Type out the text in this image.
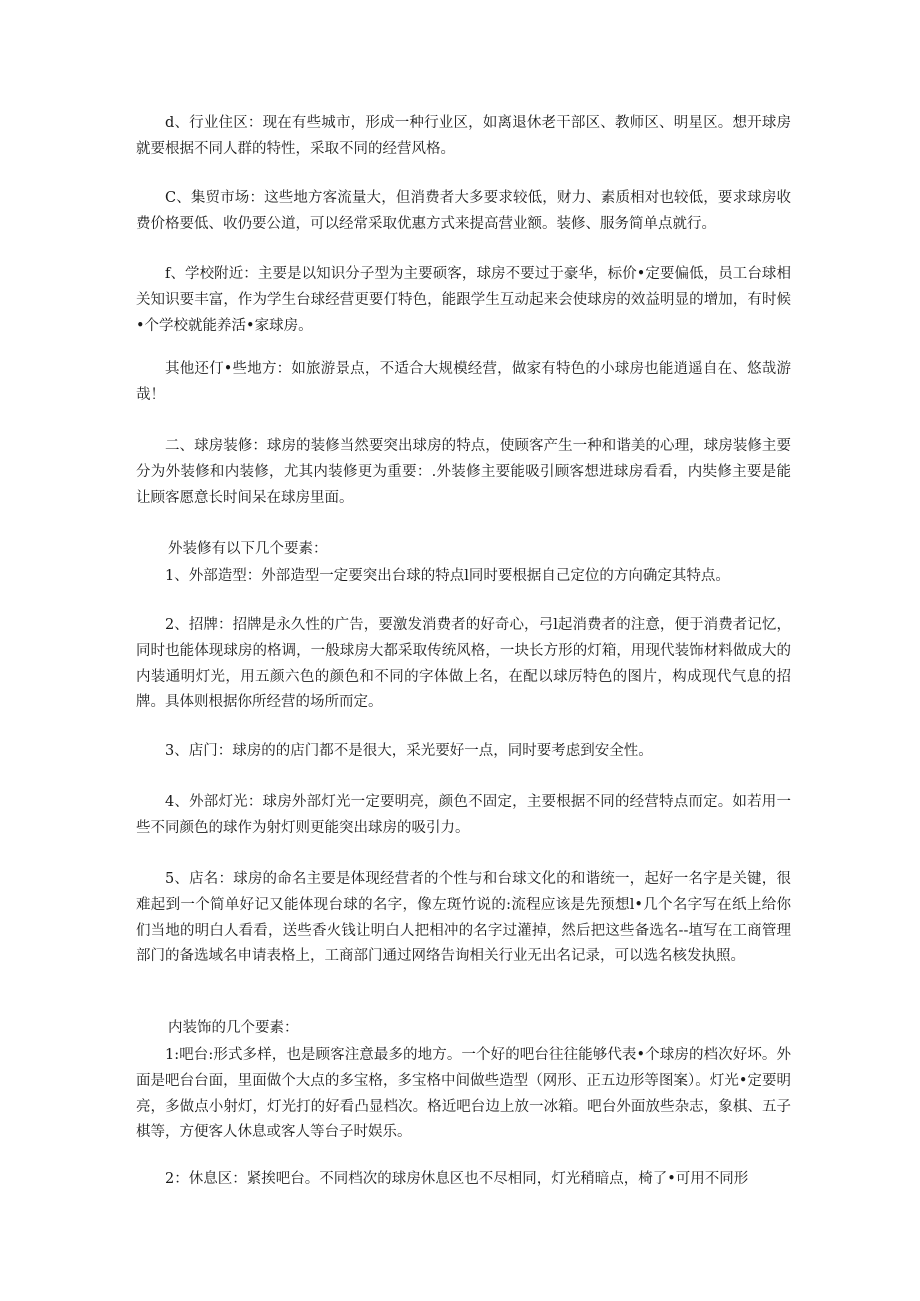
d、行业住区：现在有些城市，形成一种行业区，如离退休老干部区、教师区、明星区。想开球房就要根据不同人群的特性，采取不同的经营风格。

C、集贸市场：这些地方客流量大，但消费者大多要求较低，财力、素质相对也较低，要求球房收费价格要低、收仍要公道，可以经常采取优惠方式来提高营业额。装修、服务简单点就行。

f、学校附近：主要是以知识分子型为主要硕客，球房不要过于豪华，标价•定要偏低，员工台球相关知识要丰富，作为学生台球经营更要仃特色，能跟学生互动起来会使球房的效益明显的增加，有时候•个学校就能养活•家球房。

其他还仃•些地方：如旅游景点，不适合大规模经营，做家有特色的小球房也能逍遥自在、悠哉游哉！

二、球房装修：球房的装修当然要突出球房的特点，使顾客产生一种和谐美的心理，球房装修主要分为外装修和内装修，尤其内装修更为重要：.外装修主要能吸引顾客想进球房看看，内奘修主要是能让顾客愿意长时间呆在球房里面。

外装修有以下几个要素：

1、外部造型：外部造型一定要突出台球的特点l同时要根据自己定位的方向确定其特点。

2、招牌：招牌是永久性的广告，要激发消费者的好奇心，弓l起消费者的注意，便于消费者记忆，同时也能体现球房的格调，一般球房大都采取传统风格，一块长方形的灯箱，用现代装饰材料做成大的内装通明灯光，用五颜六色的颜色和不同的字体做上名，在配以球厉特色的图片，构成现代气息的招牌。具体则根据你所经营的场所而定。

3、店门：球房的的店门都不是很大，采光要好一点，同时要考虑到安全性。

4、外部灯光：球房外部灯光一定要明亮，颜色不固定，主要根据不同的经营特点而定。如若用一些不同颜色的球作为射灯则更能突出球房的吸引力。

5、店名：球房的命名主要是体现经营者的个性与和台球文化的和谐统一，起好一名字是关键，很难起到一个简单好记又能体现台球的名字，像左斑竹说的:流程应该是先预想l•几个名字写在纸上给你们当地的明白人看看，送些香火钱让明白人把相冲的名字过灌掉，然后把这些备选名--埴写在工商管理部门的备选域名申请表格上，工商部门通过网络告询相关行业无出名记录，可以选名核发执照。

内装饰的几个要素：

1:吧台:形式多样，也是顾客注意最多的地方。一个好的吧台往往能够代表•个球房的档次好坏。外面是吧台台面，里面做个大点的多宝格，多宝格中间做些造型（网形、正五边形等图案）。灯光•定要明亮，多做点小射灯，灯光打的好看凸显档次。格近吧台边上放一冰箱。吧台外面放些杂志，象棋、五子棋等，方便客人休息或客人等台子时娱乐。

2：休息区：紧挨吧台。不同档次的球房休息区也不尽相同，灯光稍暗点，椅了•可用不同形
